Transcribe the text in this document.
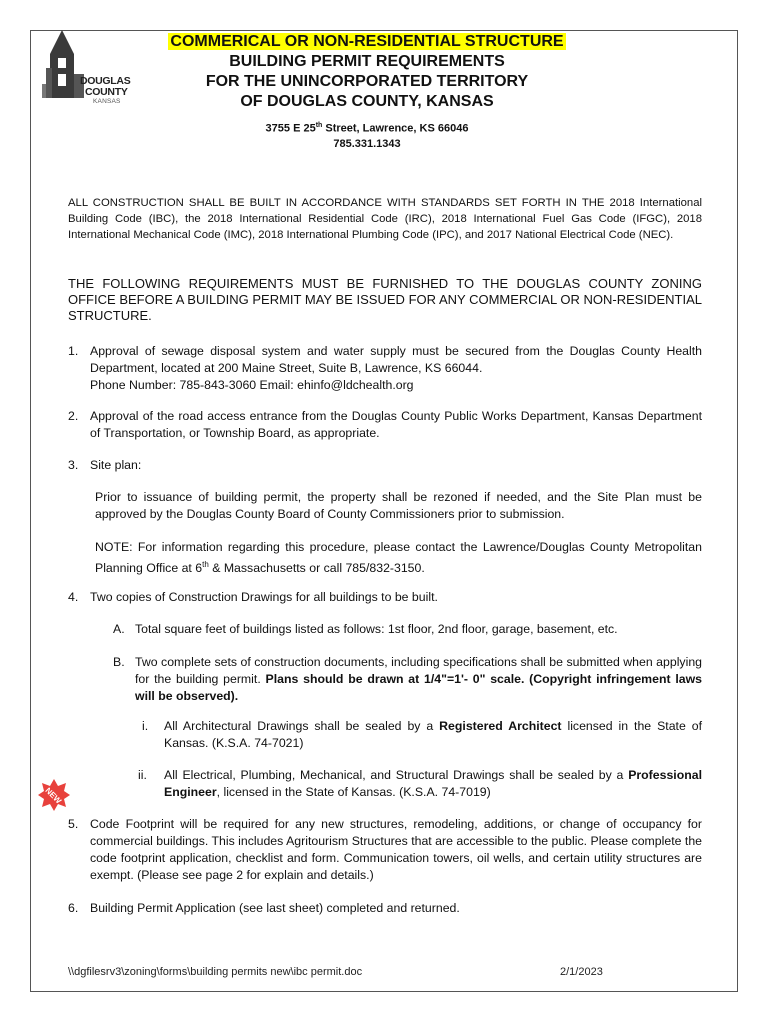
DOUGLAS
COUNTY
KANSAS
COMMERICAL OR NON-RESIDENTIAL STRUCTURE
BUILDING PERMIT REQUIREMENTS
FOR THE UNINCORPORATED TERRITORY
OF DOUGLAS COUNTY, KANSAS
3755 E 25th Street, Lawrence, KS 66046
785.331.1343
ALL CONSTRUCTION SHALL BE BUILT IN ACCORDANCE WITH STANDARDS SET FORTH IN THE 2018 International Building Code (IBC), the 2018 International Residential Code (IRC), 2018 International Fuel Gas Code (IFGC), 2018 International Mechanical Code (IMC), 2018 International Plumbing Code (IPC), and 2017 National Electrical Code (NEC).
THE FOLLOWING REQUIREMENTS MUST BE FURNISHED TO THE DOUGLAS COUNTY ZONING OFFICE BEFORE A BUILDING PERMIT MAY BE ISSUED FOR ANY COMMERCIAL OR NON-RESIDENTIAL STRUCTURE.
1. Approval of sewage disposal system and water supply must be secured from the Douglas County Health Department, located at 200 Maine Street, Suite B, Lawrence, KS 66044.
Phone Number: 785-843-3060 Email: ehinfo@ldchealth.org
2. Approval of the road access entrance from the Douglas County Public Works Department, Kansas Department of Transportation, or Township Board, as appropriate.
3. Site plan:
Prior to issuance of building permit, the property shall be rezoned if needed, and the Site Plan must be approved by the Douglas County Board of County Commissioners prior to submission.
NOTE: For information regarding this procedure, please contact the Lawrence/Douglas County Metropolitan Planning Office at 6th & Massachusetts or call 785/832-3150.
4. Two copies of Construction Drawings for all buildings to be built.
A. Total square feet of buildings listed as follows: 1st floor, 2nd floor, garage, basement, etc.
B. Two complete sets of construction documents, including specifications shall be submitted when applying for the building permit. Plans should be drawn at 1/4"=1'- 0" scale. (Copyright infringement laws will be observed).
i. All Architectural Drawings shall be sealed by a Registered Architect licensed in the State of Kansas. (K.S.A. 74-7021)
ii. All Electrical, Plumbing, Mechanical, and Structural Drawings shall be sealed by a Professional Engineer, licensed in the State of Kansas. (K.S.A. 74-7019)
NEW
5. Code Footprint will be required for any new structures, remodeling, additions, or change of occupancy for commercial buildings. This includes Agritourism Structures that are accessible to the public. Please complete the code footprint application, checklist and form. Communication towers, oil wells, and certain utility structures are exempt. (Please see page 2 for explain and details.)
6. Building Permit Application (see last sheet) completed and returned.
\\dgfilesrv3\zoning\forms\building permits new\ibc permit.doc	2/1/2023
